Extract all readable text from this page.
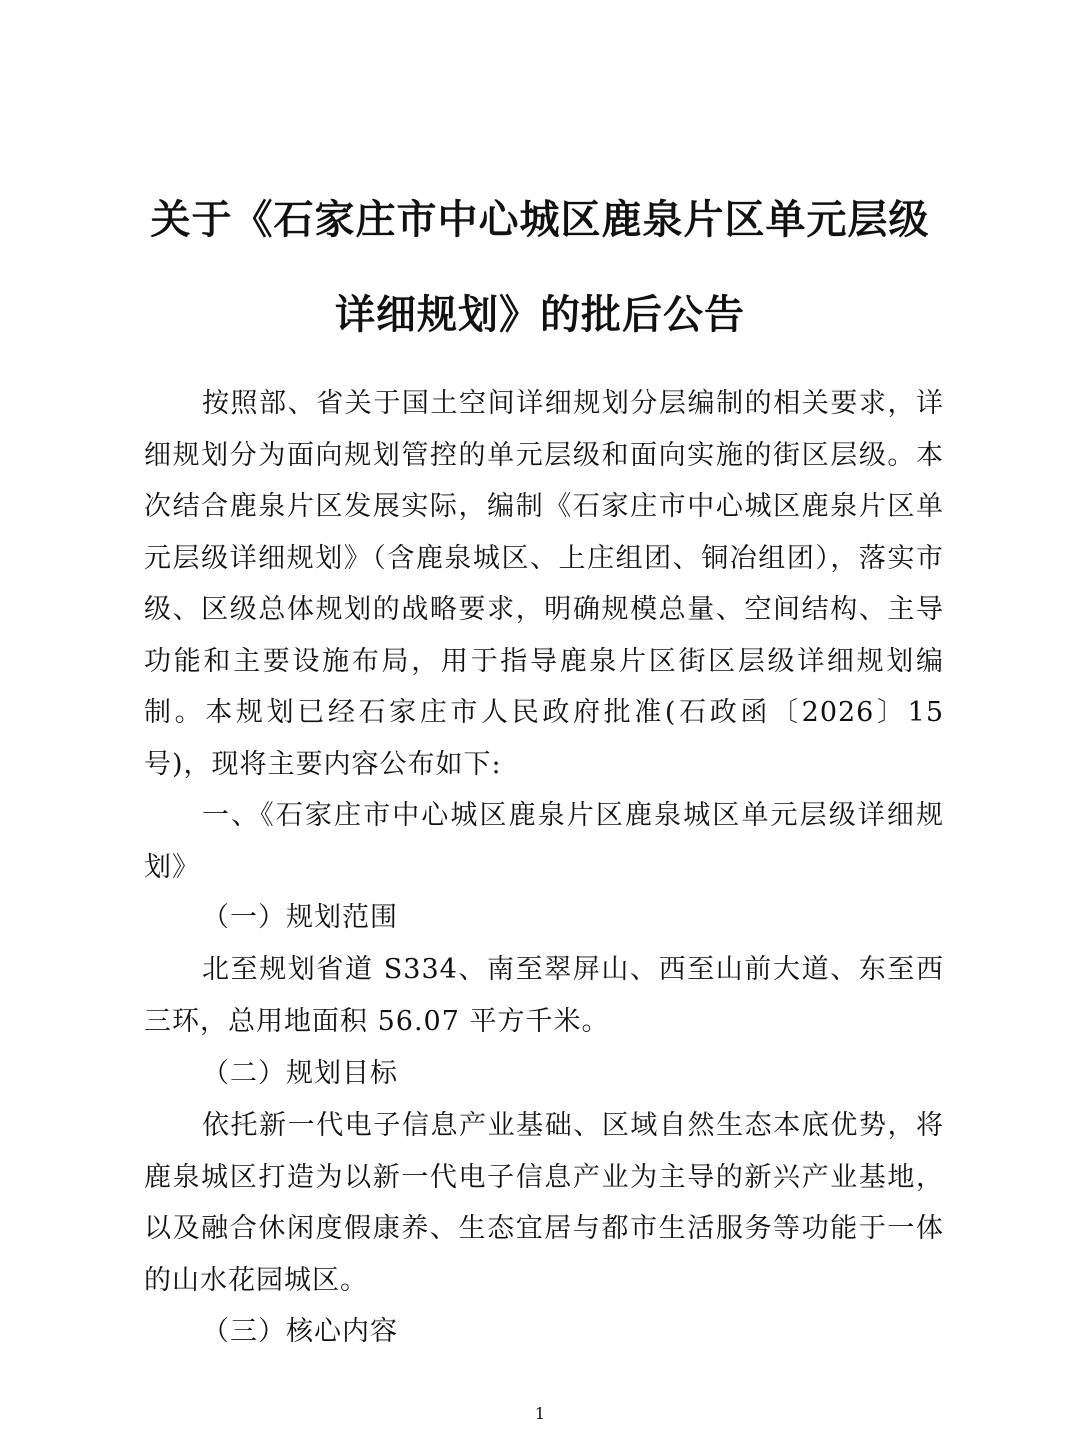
关于《石家庄市中心城区鹿泉片区单元层级
详细规划》的批后公告
按照部、省关于国土空间详细规划分层编制的相关要求，详细规划分为面向规划管控的单元层级和面向实施的街区层级。本次结合鹿泉片区发展实际，编制《石家庄市中心城区鹿泉片区单元层级详细规划》（含鹿泉城区、上庄组团、铜冶组团），落实市级、区级总体规划的战略要求，明确规模总量、空间结构、主导功能和主要设施布局，用于指导鹿泉片区街区层级详细规划编制。本规划已经石家庄市人民政府批准(石政函〔2026〕15 号)，现将主要内容公布如下:
一、《石家庄市中心城区鹿泉片区鹿泉城区单元层级详细规划》
（一）规划范围
北至规划省道 S334、南至翠屏山、西至山前大道、东至西三环，总用地面积 56.07 平方千米。
（二）规划目标
依托新一代电子信息产业基础、区域自然生态本底优势，将鹿泉城区打造为以新一代电子信息产业为主导的新兴产业基地，以及融合休闲度假康养、生态宜居与都市生活服务等功能于一体的山水花园城区。
（三）核心内容
1
